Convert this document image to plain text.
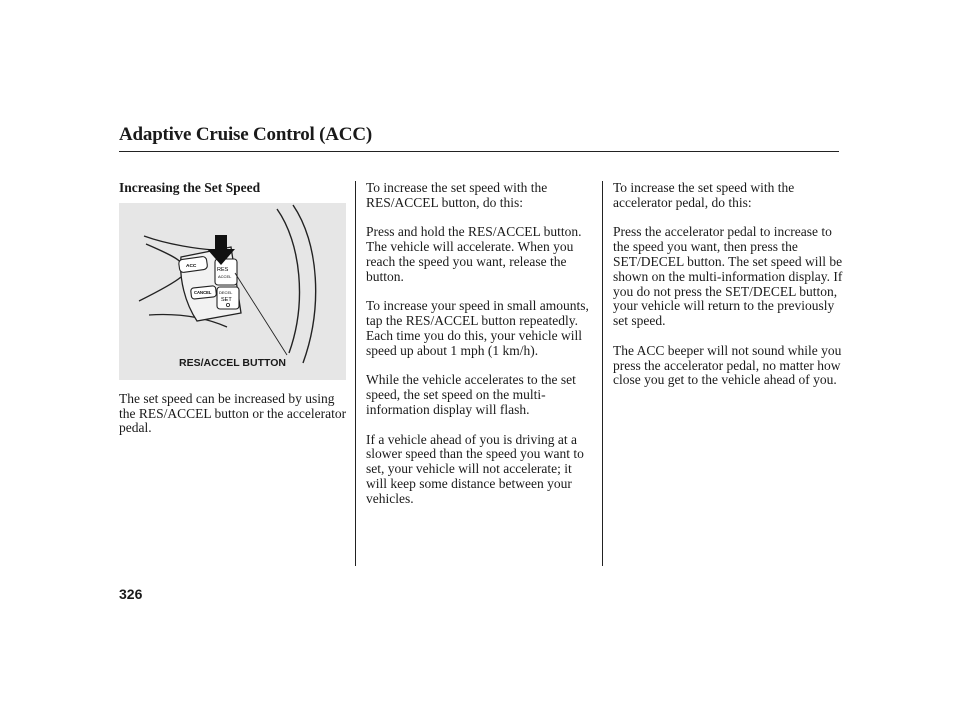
Adaptive Cruise Control (ACC)
Increasing the Set Speed
ACC
CANCEL
RES
ACCEL
DECEL
SET
RES/ACCEL BUTTON

The set speed can be increased by using the RES/ACCEL button or the accelerator pedal.

To increase the set speed with the RES/ACCEL button, do this:

Press and hold the RES/ACCEL button. The vehicle will accelerate. When you reach the speed you want, release the button.

To increase your speed in small amounts, tap the RES/ACCEL button repeatedly. Each time you do this, your vehicle will speed up about 1 mph (1 km/h).

While the vehicle accelerates to the set speed, the set speed on the multi-information display will flash.

If a vehicle ahead of you is driving at a slower speed than the speed you want to set, your vehicle will not accelerate; it will keep some distance between your vehicles.

To increase the set speed with the accelerator pedal, do this:

Press the accelerator pedal to increase to the speed you want, then press the SET/DECEL button. The set speed will be shown on the multi-information display. If you do not press the SET/DECEL button, your vehicle will return to the previously set speed.

The ACC beeper will not sound while you press the accelerator pedal, no matter how close you get to the vehicle ahead of you.

326
